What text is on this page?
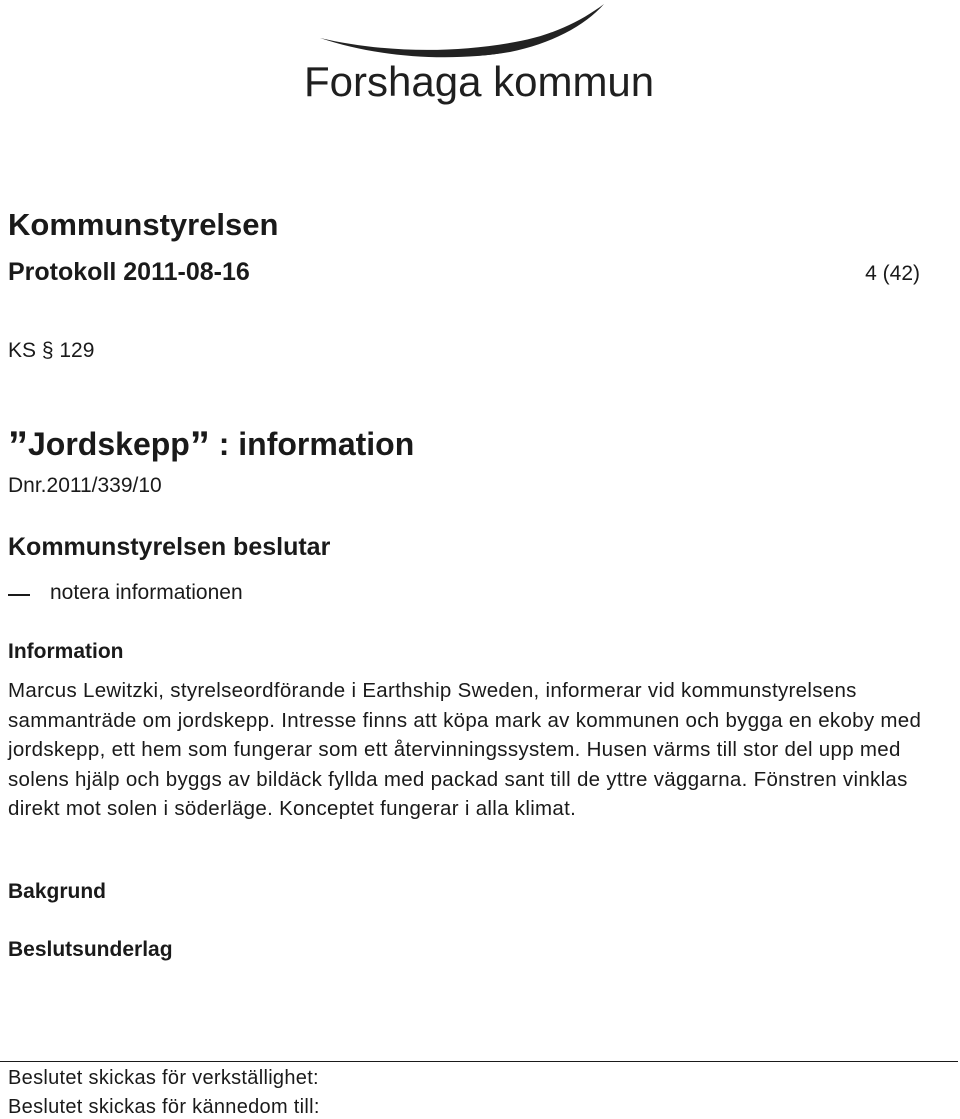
Forshaga kommun
Kommunstyrelsen
Protokoll 2011-08-16	4 (42)
KS § 129
”Jordskepp” : information
Dnr.2011/339/10
Kommunstyrelsen beslutar
notera informationen
Information
Marcus Lewitzki, styrelseordförande i Earthship Sweden, informerar vid kommunstyrelsens sammanträde om jordskepp. Intresse finns att köpa mark av kommunen och bygga en ekoby med jordskepp, ett hem som fungerar som ett återvinningssystem. Husen värms till stor del upp med solens hjälp och byggs av bildäck fyllda med packad sant till de yttre väggarna. Fönstren vinklas direkt mot solen i söderläge. Konceptet fungerar i alla klimat.
Bakgrund
Beslutsunderlag
Beslutet skickas för verkställighet:
Beslutet skickas för kännedom till:
